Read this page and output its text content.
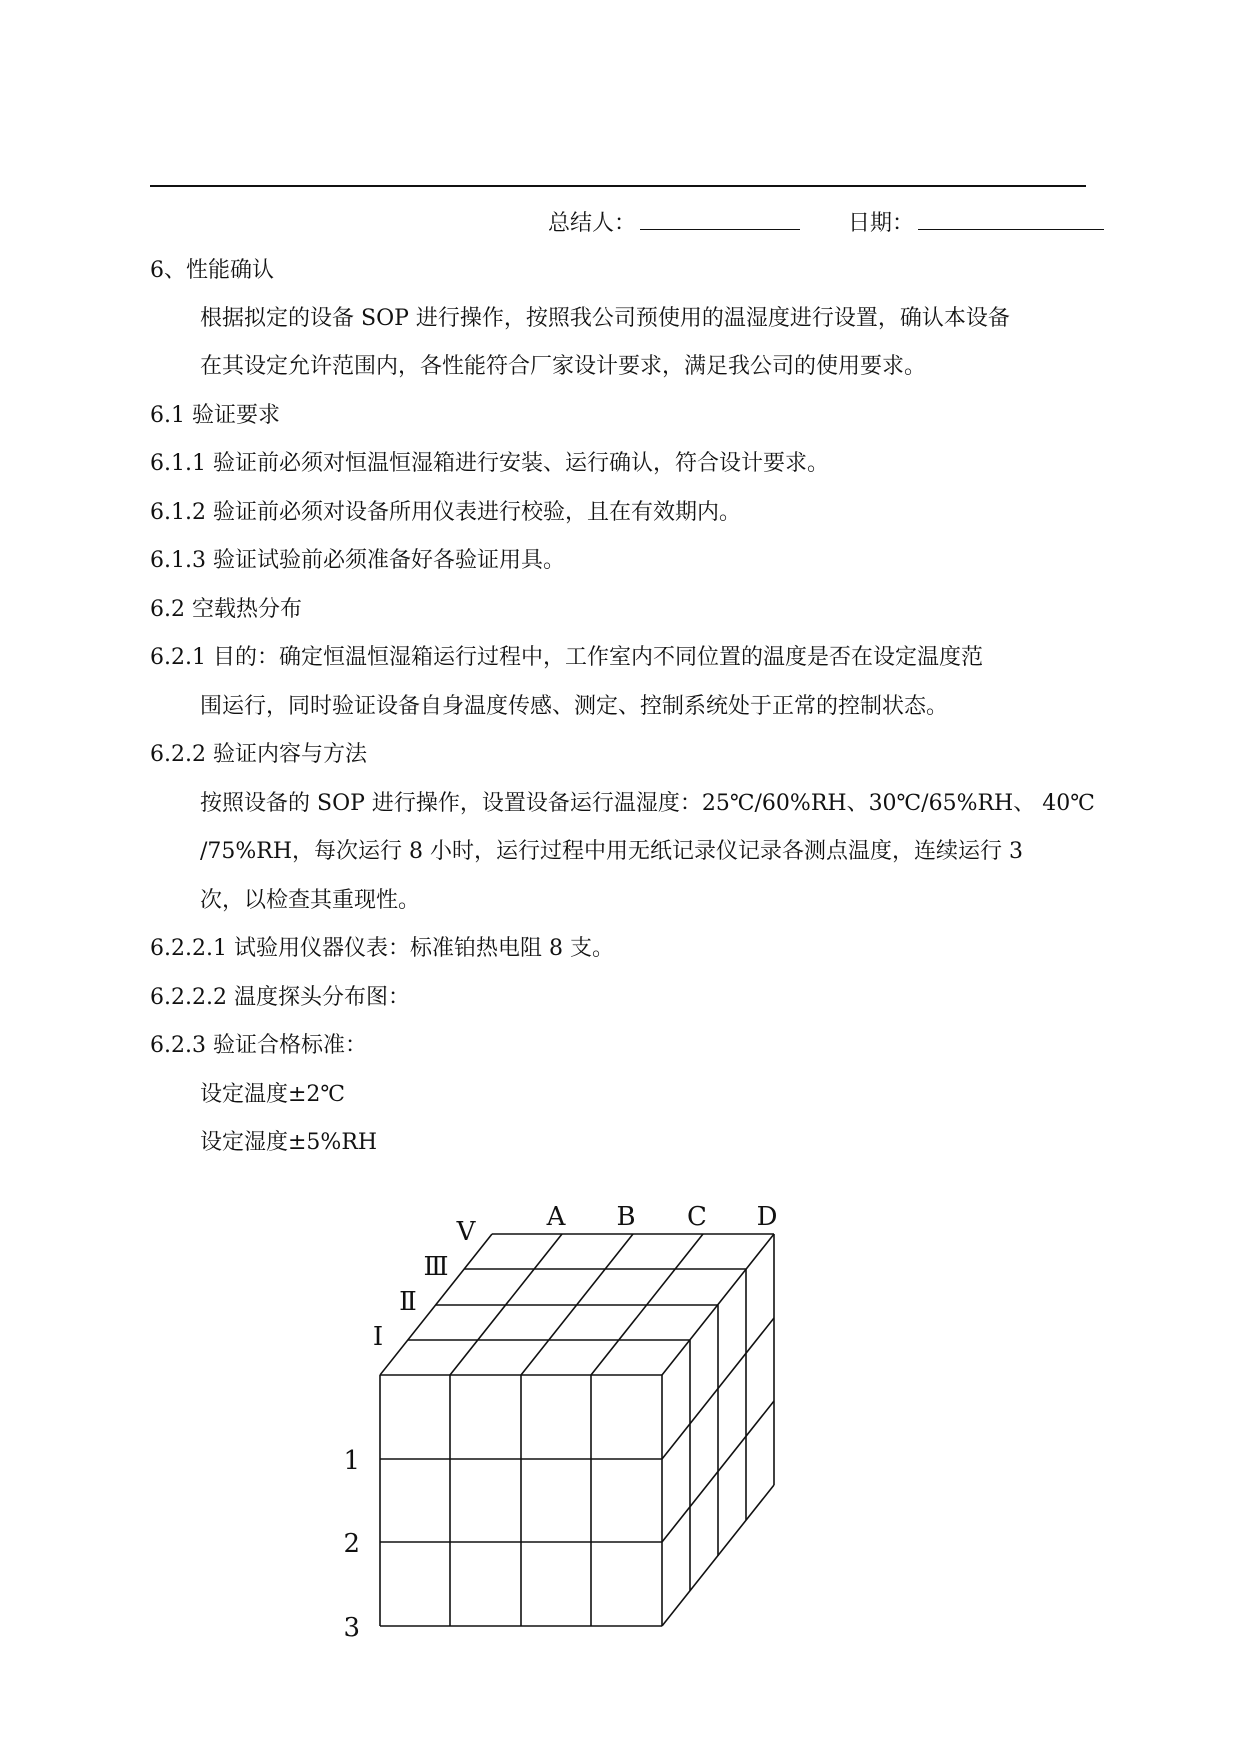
总结人：	日期：
6、性能确认
根据拟定的设备 SOP 进行操作，按照我公司预使用的温湿度进行设置，确认本设备
在其设定允许范围内，各性能符合厂家设计要求，满足我公司的使用要求。
6.1 验证要求
6.1.1 验证前必须对恒温恒湿箱进行安装、运行确认，符合设计要求。
6.1.2 验证前必须对设备所用仪表进行校验，且在有效期内。
6.1.3 验证试验前必须准备好各验证用具。
6.2 空载热分布
6.2.1 目的：确定恒温恒湿箱运行过程中，工作室内不同位置的温度是否在设定温度范
围运行，同时验证设备自身温度传感、测定、控制系统处于正常的控制状态。
6.2.2 验证内容与方法
按照设备的 SOP 进行操作，设置设备运行温湿度：25℃/60%RH、30℃/65%RH、 40℃
/75%RH，每次运行 8 小时，运行过程中用无纸记录仪记录各测点温度，连续运行 3
次，以检查其重现性。
6.2.2.1 试验用仪器仪表：标准铂热电阻 8 支。
6.2.2.2 温度探头分布图：
6.2.3 验证合格标准：
设定温度±2℃
设定湿度±5%RH
A B C D
Ⅴ
Ⅲ
Ⅱ
Ⅰ
1
2
3
